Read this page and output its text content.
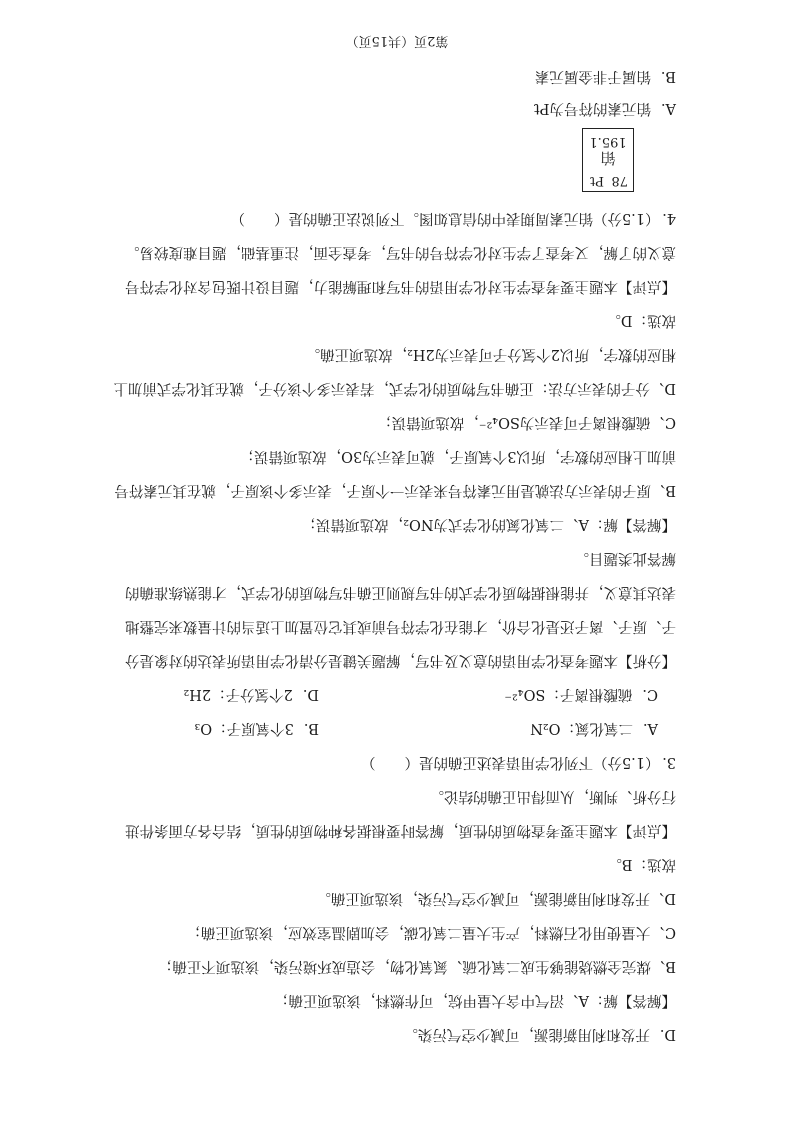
D．开发和利用新能源，可减少空气污染。
【解答】解：A、沼气中含大量甲烷，可作燃料，该选项正确；
B、煤完全燃烧能够生成二氧化硫、氮氧化物，会造成环境污染，该选项不正确；
C、大量使用化石燃料，产生大量二氧化碳，会加剧温室效应，该选项正确；
D、开发和利用新能源，可减少空气污染，该选项正确。
故选：B。
【点评】本题主要考查物质的性质，解答时要根据各种物质的性质，结合各方面条件进
行分析、判断，从而得出正确的结论。
3．（1.5分）下列化学用语表述正确的是（　　）
A．二氧化氮：O₂N
B．3个氧原子：O₃
C．硫酸根离子：SO₄²⁻
D．2个氢分子：2H₂
【分析】本题考查化学用语的意义及书写，解题关键是分清化学用语所表达的对象是分
子、原子、离子还是化合价，才能在化学符号前或其它位置加上适当的计量数来完整地
表达其意义，并能根据物质化学式的书写规则正确书写物质的化学式，才能熟练准确的
解答此类题目。
【解答】解：A、二氧化氮的化学式为NO₂，故选项错误；
B、原子的表示方法就是用元素符号来表示一个原子，表示多个该原子，就在其元素符号
前加上相应的数字，所以3个氧原子，就可表示为3O，故选项错误；
C、硫酸根离子可表示为SO₄²⁻，故选项错误；
D、分子的表示方法：正确书写物质的化学式，若表示多个该分子，就在其化学式前加上
相应的数字，所以2个氢分子可表示为2H₂，故选项正确。
故选：D。
【点评】本题主要考查学生对化学用语的书写和理解能力，题目设计既包含对化学符号
意义的了解，又考查了学生对化学符号的书写，考查全面，注重基础，题目难度较易。
4．（1.5分）铂元素周期表中的信息如图。下列说法正确的是（　　）
78
Pt
铂
195.1
A．铂元素的符号为Pt
B．铂属于非金属元素
第2页（共15页）
